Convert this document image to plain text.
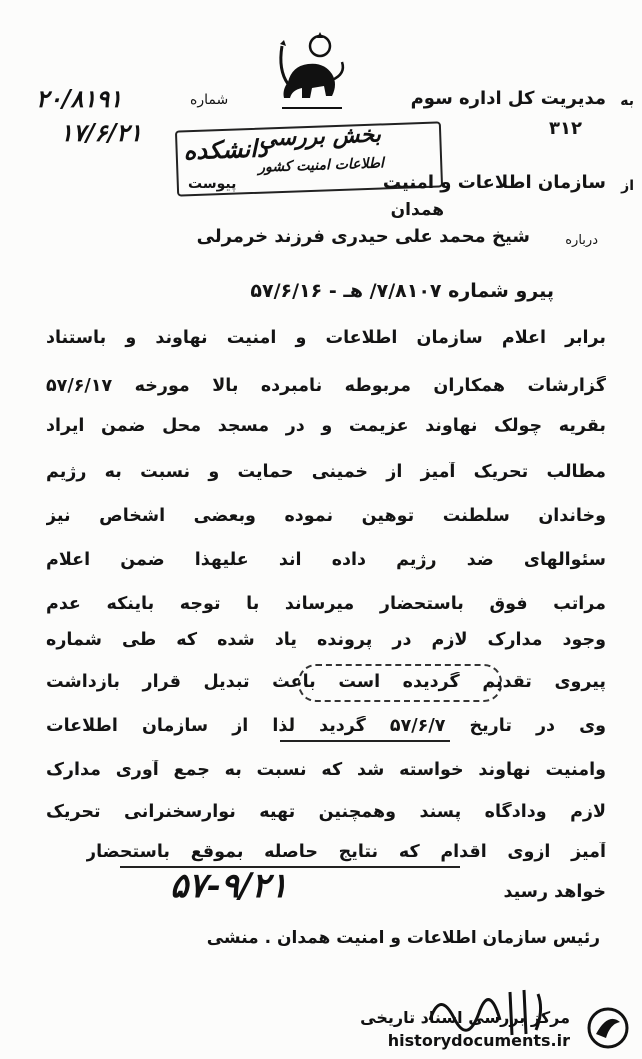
به
مدیریت کل اداره سوم
۳۱۲
شماره
۲۰/۸۱۹۱
۱۷/۶/۲۱	بخش بررسی
دانشکده
اطلاعات امنیت کشور
از
سازمان اطلاعات و امنیت
پیوست
همدان
درباره
شیخ محمد علی حیدری فرزند خرمرلی
پیرو شماره ۷/۸۱۰۷/ هـ - ۵۷/۶/۱۶
برابر اعلام سازمان اطلاعات و امنیت نهاوند و باستناد
گزارشات همکاران مربوطه نامبرده بالا مورخه ۵۷/۶/۱۷
بقریه چولک نهاوند عزیمت و در مسجد محل ضمن ایراد
مطالب تحریک آمیز از خمینی حمایت و نسبت به رژیم
وخاندان سلطنت توهین نموده وبعضی اشخاص نیز
سئوالهای ضد رژیم داده اند علیهذا ضمن اعلام
مراتب فوق باستحضار میرساند با توجه باینکه عدم
وجود مدارک لازم در پرونده یاد شده که طی شماره
پیروی تقدیم گردیده است باعث تبدیل قرار بازداشت
وی در تاریخ ۵۷/۶/۷ گردید لذا از سازمان اطلاعات
وامنیت نهاوند خواسته شد که نسبت به جمع آوری مدارک
لازم ودادگاه پسند وهمچنین تهیه نوارسخنرانی تحریک
آمیز ازوی اقدام که نتایج حاصله بموقع باستحضار
خواهد رسید
۵۷-۹/۲۱
رئیس سازمان اطلاعات و امنیت همدان . منشی
مرکز بررسی اسناد تاریخی
historydocuments.ir
